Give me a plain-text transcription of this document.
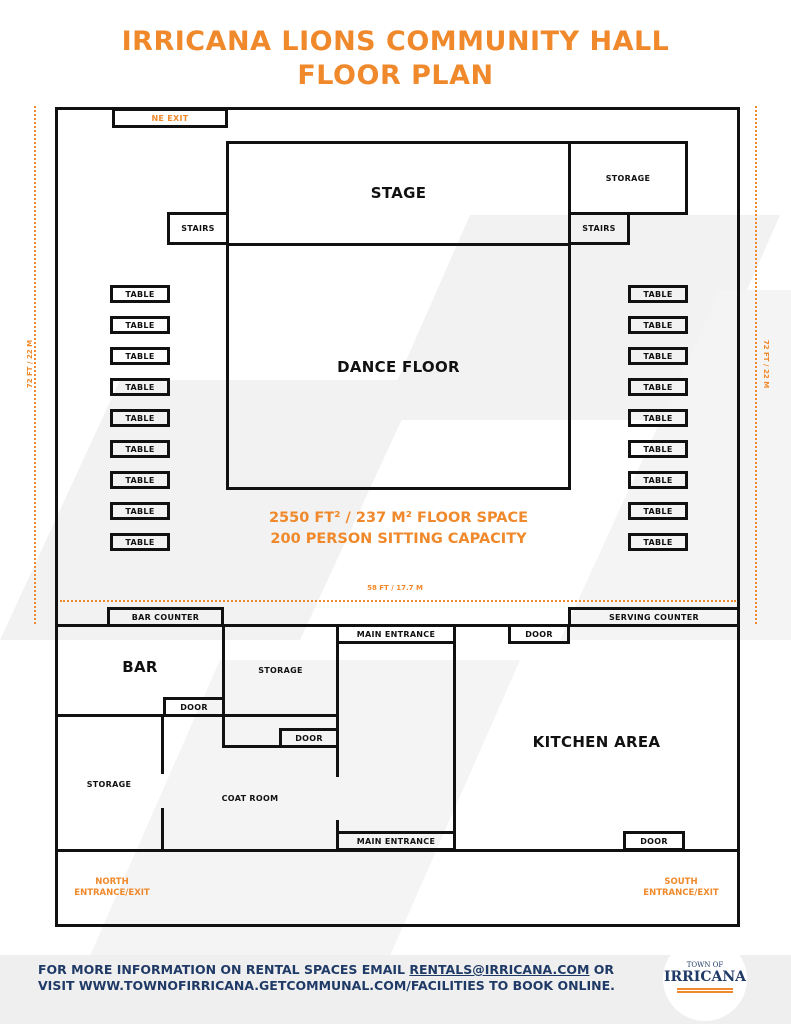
IRRICANA LIONS COMMUNITY HALL
FLOOR PLAN
72 FT / 22 M	72 FT / 22 M
58 FT / 17.7 M
NE EXIT
STAGE
STORAGE
STAIRS	STAIRS
DANCE FLOOR
TABLE
TABLE
TABLE
TABLE
TABLE
TABLE
TABLE
TABLE
TABLE
TABLE
TABLE
TABLE
TABLE
TABLE
TABLE
TABLE
TABLE
TABLE
2550 FT² / 237 M² FLOOR SPACE
200 PERSON SITTING CAPACITY
BAR COUNTER	SERVING COUNTER
BAR	STORAGE
MAIN ENTRANCE	DOOR
DOOR
DOOR	KITCHEN AREA
STORAGE
COAT ROOM
MAIN ENTRANCE	DOOR
NORTH
ENTRANCE/EXIT
SOUTH
ENTRANCE/EXIT
FOR MORE INFORMATION ON RENTAL SPACES EMAIL RENTALS@IRRICANA.COM OR
VISIT WWW.TOWNOFIRRICANA.GETCOMMUNAL.COM/FACILITIES TO BOOK ONLINE.
TOWN OF
IRRICANA
